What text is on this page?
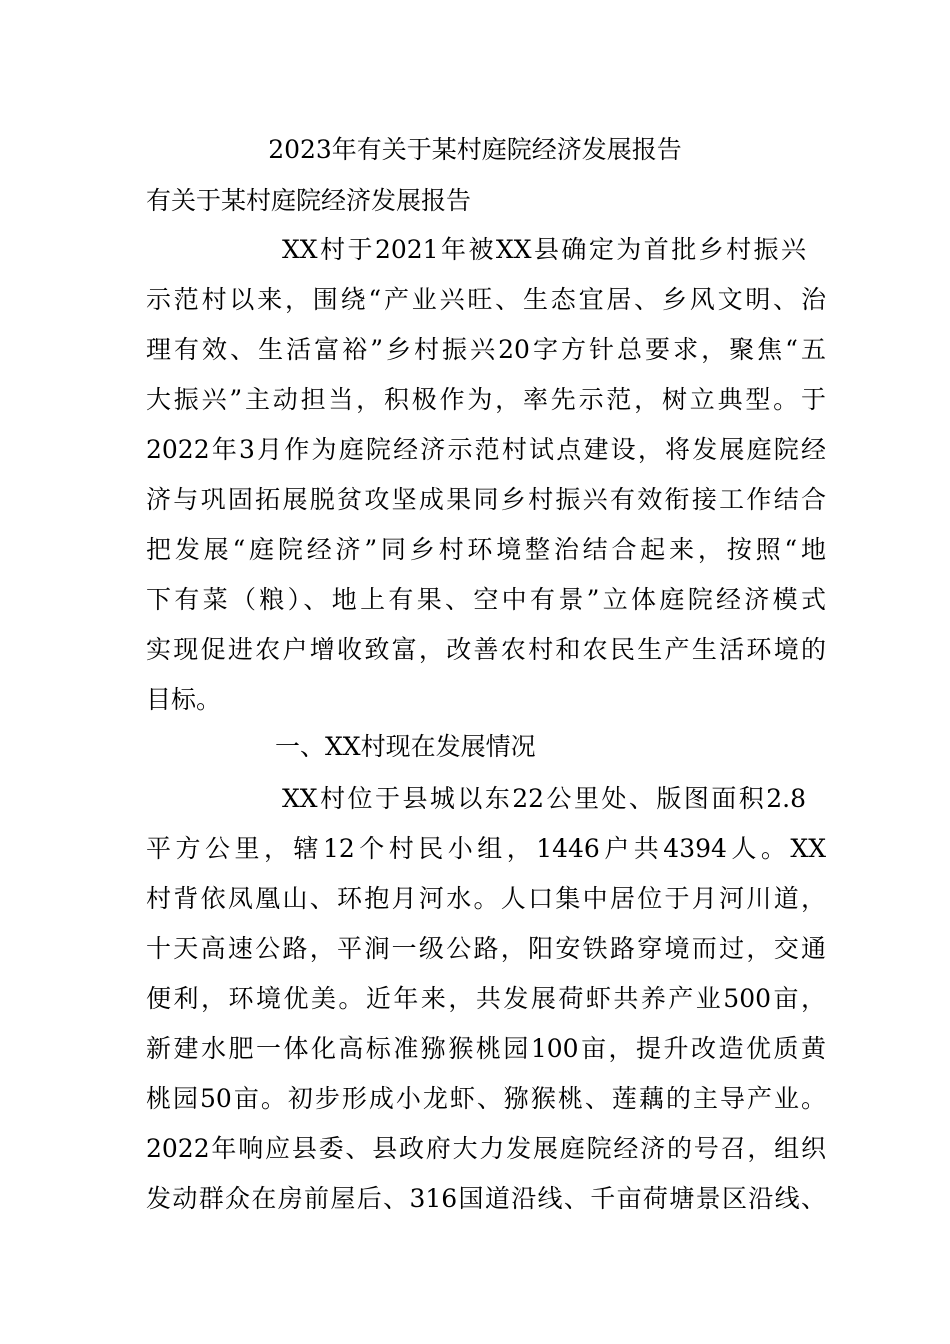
2023年有关于某村庭院经济发展报告
有关于某村庭院经济发展报告
XX村于2021年被XX县确定为首批乡村振兴
示范村以来，围绕“产业兴旺、生态宜居、乡风文明、治
理有效、生活富裕”乡村振兴20字方针总要求，聚焦“五
大振兴”主动担当，积极作为，率先示范，树立典型。于
2022年3月作为庭院经济示范村试点建设，将发展庭院经
济与巩固拓展脱贫攻坚成果同乡村振兴有效衔接工作结合
把发展“庭院经济”同乡村环境整治结合起来，按照“地
下有菜（粮）、地上有果、空中有景”立体庭院经济模式
实现促进农户增收致富，改善农村和农民生产生活环境的
目标。
一、XX村现在发展情况
XX村位于县城以东22公里处、版图面积2.8
平方公里，辖12个村民小组，1446户共4394人。XX
村背依凤凰山、环抱月河水。人口集中居位于月河川道，
十天高速公路，平涧一级公路，阳安铁路穿境而过，交通
便利，环境优美。近年来，共发展荷虾共养产业500亩，
新建水肥一体化高标准猕猴桃园100亩，提升改造优质黄
桃园50亩。初步形成小龙虾、猕猴桃、莲藕的主导产业。
2022年响应县委、县政府大力发展庭院经济的号召，组织
发动群众在房前屋后、316国道沿线、千亩荷塘景区沿线、
